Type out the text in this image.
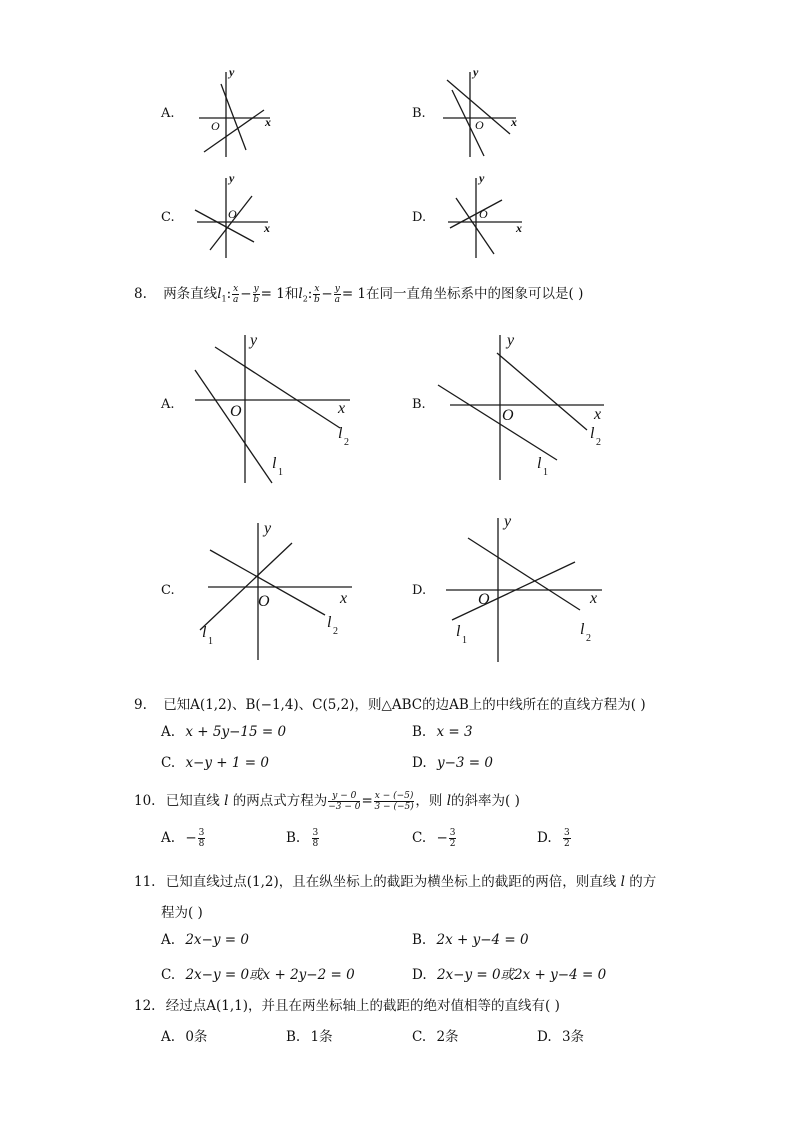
A.
y
O	x
B.
y
O x
C.
y
O
x
D.
y
O
x
8. 两条直线$l_1$: $\frac{x}{a} - \frac{y}{b} = 1$和$l_2$: $\frac{x}{b} - \frac{y}{a} = 1$在同一直角坐标系中的图象可以是( )
A.
y
O	x
l
1
l
2
B.
y
O	x
l
1
l
2
C.
y
O	x
l
1
l
2
D.
y
O	x
l
1
l
2
9. 已知A(1,2)、B(−1,4)、C(5,2)，则△ABC的边AB上的中线所在的直线方程为( )
A. x + 5y−15 = 0	B. x = 3
C. x−y + 1 = 0	D. y−3 = 0
10. 已知直线 l 的两点式方程为 $\frac{y - 0}{-3 - 0} = \frac{x - (-5)}{3 - (-5)}$ ，则 l的斜率为( )
A. − $\frac{3}{8}$	B. $\frac{3}{8}$	C. − $\frac{3}{2}$	D. $\frac{3}{2}$
11. 已知直线过点(1,2)，且在纵坐标上的截距为横坐标上的截距的两倍，则直线 l 的方
程为( )
A. 2x−y = 0	B. 2x + y−4 = 0
C. 2x−y = 0或x + 2y−2 = 0	D. 2x−y = 0或2x + y−4 = 0
12. 经过点A(1,1)，并且在两坐标轴上的截距的绝对值相等的直线有( )
A. 0条	B. 1条	C. 2条	D. 3条
